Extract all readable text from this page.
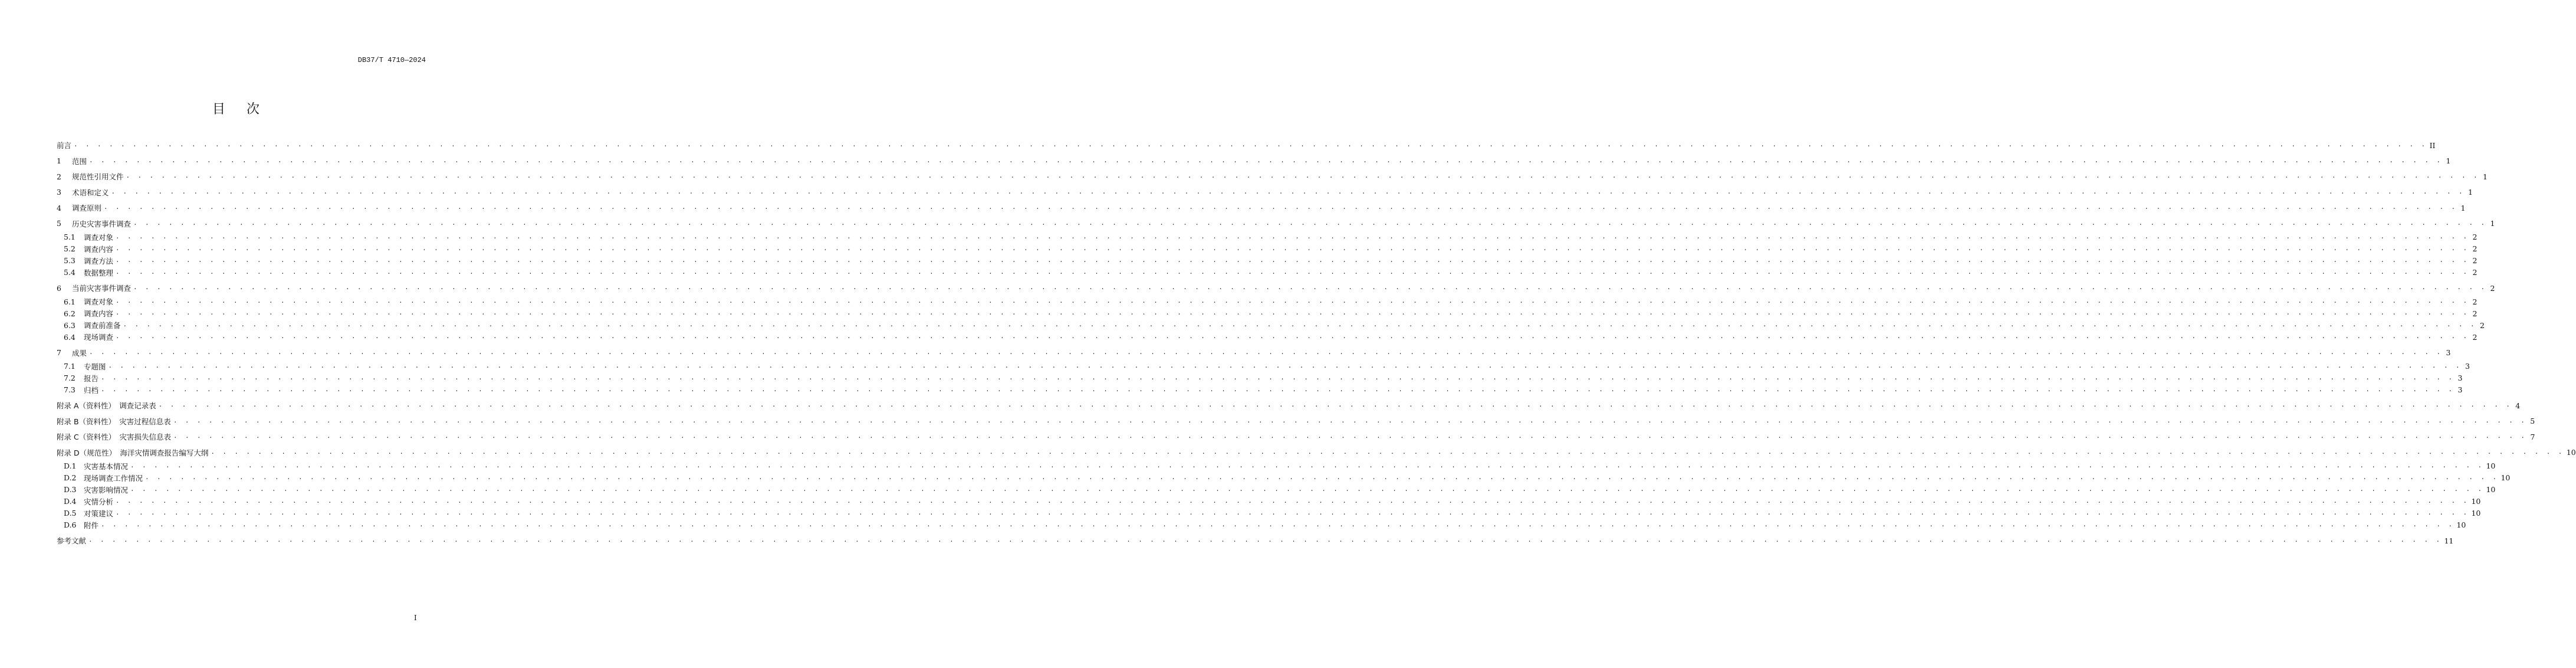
DB37/T 4710—2024
目次
前言 . . . . . . . . . . . . . . . . . . . . . . . . . . . . . . . . . . . . . . . . . . . . . . . . . . . . . . . . . . . . . . . . . . . . . . . . . . . . . . . . . . . . . . . . . . . . . . . . . . . . . . . . . . . . . . . . . . . . . . . . . . . . . . . . . . . . . . . . . . . . . . . . . . . . . . . . . . . . . . . . . . . . . . . . . . . . . . . . . . . . . . . . . . . . . . . . . . . . . . . . II
1	范围 . . . . . . . . . . . . . . . . . . . . . . . . . . . . . . . . . . . . . . . . . . . . . . . . . . . . . . . . . . . . . . . . . . . . . . . . . . . . . . . . . . . . . . . . . . . . . . . . . . . . . . . . . . . . . . . . . . . . . . . . . . . . . . . . . . . . . . . . . . . . . . . . . . . . . . . . . . . . . . . . . . . . . . . . . . . . . . . . . . . . . . . . . . . . . . . . . . . . . . . . 1
2	规范性引用文件 . . . . . . . . . . . . . . . . . . . . . . . . . . . . . . . . . . . . . . . . . . . . . . . . . . . . . . . . . . . . . . . . . . . . . . . . . . . . . . . . . . . . . . . . . . . . . . . . . . . . . . . . . . . . . . . . . . . . . . . . . . . . . . . . . . . . . . . . . . . . . . . . . . . . . . . . . . . . . . . . . . . . . . . . . . . . . . . . . . . . . . . . . . . . . . . . . . . . . . . . 1
3	术语和定义 . . . . . . . . . . . . . . . . . . . . . . . . . . . . . . . . . . . . . . . . . . . . . . . . . . . . . . . . . . . . . . . . . . . . . . . . . . . . . . . . . . . . . . . . . . . . . . . . . . . . . . . . . . . . . . . . . . . . . . . . . . . . . . . . . . . . . . . . . . . . . . . . . . . . . . . . . . . . . . . . . . . . . . . . . . . . . . . . . . . . . . . . . . . . . . . . . . . . . . . . 1
4	调查原则 . . . . . . . . . . . . . . . . . . . . . . . . . . . . . . . . . . . . . . . . . . . . . . . . . . . . . . . . . . . . . . . . . . . . . . . . . . . . . . . . . . . . . . . . . . . . . . . . . . . . . . . . . . . . . . . . . . . . . . . . . . . . . . . . . . . . . . . . . . . . . . . . . . . . . . . . . . . . . . . . . . . . . . . . . . . . . . . . . . . . . . . . . . . . . . . . . . . . . . . . 1
5	历史灾害事件调查 . . . . . . . . . . . . . . . . . . . . . . . . . . . . . . . . . . . . . . . . . . . . . . . . . . . . . . . . . . . . . . . . . . . . . . . . . . . . . . . . . . . . . . . . . . . . . . . . . . . . . . . . . . . . . . . . . . . . . . . . . . . . . . . . . . . . . . . . . . . . . . . . . . . . . . . . . . . . . . . . . . . . . . . . . . . . . . . . . . . . . . . . . . . . . . . . . . . . . . . . 1
5.1	调查对象 . . . . . . . . . . . . . . . . . . . . . . . . . . . . . . . . . . . . . . . . . . . . . . . . . . . . . . . . . . . . . . . . . . . . . . . . . . . . . . . . . . . . . . . . . . . . . . . . . . . . . . . . . . . . . . . . . . . . . . . . . . . . . . . . . . . . . . . . . . . . . . . . . . . . . . . . . . . . . . . . . . . . . . . . . . . . . . . . . . . . . . . . . . . . . . . . . . . . . . . . 2
5.2	调查内容 . . . . . . . . . . . . . . . . . . . . . . . . . . . . . . . . . . . . . . . . . . . . . . . . . . . . . . . . . . . . . . . . . . . . . . . . . . . . . . . . . . . . . . . . . . . . . . . . . . . . . . . . . . . . . . . . . . . . . . . . . . . . . . . . . . . . . . . . . . . . . . . . . . . . . . . . . . . . . . . . . . . . . . . . . . . . . . . . . . . . . . . . . . . . . . . . . . . . . . . . 2
5.3	调查方法 . . . . . . . . . . . . . . . . . . . . . . . . . . . . . . . . . . . . . . . . . . . . . . . . . . . . . . . . . . . . . . . . . . . . . . . . . . . . . . . . . . . . . . . . . . . . . . . . . . . . . . . . . . . . . . . . . . . . . . . . . . . . . . . . . . . . . . . . . . . . . . . . . . . . . . . . . . . . . . . . . . . . . . . . . . . . . . . . . . . . . . . . . . . . . . . . . . . . . . . . 2
5.4	数据整理 . . . . . . . . . . . . . . . . . . . . . . . . . . . . . . . . . . . . . . . . . . . . . . . . . . . . . . . . . . . . . . . . . . . . . . . . . . . . . . . . . . . . . . . . . . . . . . . . . . . . . . . . . . . . . . . . . . . . . . . . . . . . . . . . . . . . . . . . . . . . . . . . . . . . . . . . . . . . . . . . . . . . . . . . . . . . . . . . . . . . . . . . . . . . . . . . . . . . . . . . 2
6	当前灾害事件调查 . . . . . . . . . . . . . . . . . . . . . . . . . . . . . . . . . . . . . . . . . . . . . . . . . . . . . . . . . . . . . . . . . . . . . . . . . . . . . . . . . . . . . . . . . . . . . . . . . . . . . . . . . . . . . . . . . . . . . . . . . . . . . . . . . . . . . . . . . . . . . . . . . . . . . . . . . . . . . . . . . . . . . . . . . . . . . . . . . . . . . . . . . . . . . . . . . . . . . . . . 2
6.1	调查对象 . . . . . . . . . . . . . . . . . . . . . . . . . . . . . . . . . . . . . . . . . . . . . . . . . . . . . . . . . . . . . . . . . . . . . . . . . . . . . . . . . . . . . . . . . . . . . . . . . . . . . . . . . . . . . . . . . . . . . . . . . . . . . . . . . . . . . . . . . . . . . . . . . . . . . . . . . . . . . . . . . . . . . . . . . . . . . . . . . . . . . . . . . . . . . . . . . . . . . . . . 2
6.2	调查内容 . . . . . . . . . . . . . . . . . . . . . . . . . . . . . . . . . . . . . . . . . . . . . . . . . . . . . . . . . . . . . . . . . . . . . . . . . . . . . . . . . . . . . . . . . . . . . . . . . . . . . . . . . . . . . . . . . . . . . . . . . . . . . . . . . . . . . . . . . . . . . . . . . . . . . . . . . . . . . . . . . . . . . . . . . . . . . . . . . . . . . . . . . . . . . . . . . . . . . . . . 2
6.3	调查前准备 . . . . . . . . . . . . . . . . . . . . . . . . . . . . . . . . . . . . . . . . . . . . . . . . . . . . . . . . . . . . . . . . . . . . . . . . . . . . . . . . . . . . . . . . . . . . . . . . . . . . . . . . . . . . . . . . . . . . . . . . . . . . . . . . . . . . . . . . . . . . . . . . . . . . . . . . . . . . . . . . . . . . . . . . . . . . . . . . . . . . . . . . . . . . . . . . . . . . . . . . 2
6.4	现场调查 . . . . . . . . . . . . . . . . . . . . . . . . . . . . . . . . . . . . . . . . . . . . . . . . . . . . . . . . . . . . . . . . . . . . . . . . . . . . . . . . . . . . . . . . . . . . . . . . . . . . . . . . . . . . . . . . . . . . . . . . . . . . . . . . . . . . . . . . . . . . . . . . . . . . . . . . . . . . . . . . . . . . . . . . . . . . . . . . . . . . . . . . . . . . . . . . . . . . . . . . 2
7	成果 . . . . . . . . . . . . . . . . . . . . . . . . . . . . . . . . . . . . . . . . . . . . . . . . . . . . . . . . . . . . . . . . . . . . . . . . . . . . . . . . . . . . . . . . . . . . . . . . . . . . . . . . . . . . . . . . . . . . . . . . . . . . . . . . . . . . . . . . . . . . . . . . . . . . . . . . . . . . . . . . . . . . . . . . . . . . . . . . . . . . . . . . . . . . . . . . . . . . . . . . 3
7.1	专题图 . . . . . . . . . . . . . . . . . . . . . . . . . . . . . . . . . . . . . . . . . . . . . . . . . . . . . . . . . . . . . . . . . . . . . . . . . . . . . . . . . . . . . . . . . . . . . . . . . . . . . . . . . . . . . . . . . . . . . . . . . . . . . . . . . . . . . . . . . . . . . . . . . . . . . . . . . . . . . . . . . . . . . . . . . . . . . . . . . . . . . . . . . . . . . . . . . . . . . . . . 3
7.2	报告 . . . . . . . . . . . . . . . . . . . . . . . . . . . . . . . . . . . . . . . . . . . . . . . . . . . . . . . . . . . . . . . . . . . . . . . . . . . . . . . . . . . . . . . . . . . . . . . . . . . . . . . . . . . . . . . . . . . . . . . . . . . . . . . . . . . . . . . . . . . . . . . . . . . . . . . . . . . . . . . . . . . . . . . . . . . . . . . . . . . . . . . . . . . . . . . . . . . . . . . . 3
7.3	归档 . . . . . . . . . . . . . . . . . . . . . . . . . . . . . . . . . . . . . . . . . . . . . . . . . . . . . . . . . . . . . . . . . . . . . . . . . . . . . . . . . . . . . . . . . . . . . . . . . . . . . . . . . . . . . . . . . . . . . . . . . . . . . . . . . . . . . . . . . . . . . . . . . . . . . . . . . . . . . . . . . . . . . . . . . . . . . . . . . . . . . . . . . . . . . . . . . . . . . . . . 3
附录 A（资料性）　调查记录表 . . . . . . . . . . . . . . . . . . . . . . . . . . . . . . . . . . . . . . . . . . . . . . . . . . . . . . . . . . . . . . . . . . . . . . . . . . . . . . . . . . . . . . . . . . . . . . . . . . . . . . . . . . . . . . . . . . . . . . . . . . . . . . . . . . . . . . . . . . . . . . . . . . . . . . . . . . . . . . . . . . . . . . . . . . . . . . . . . . . . . . . . . . . . . . . . . . . . . . . . 4
附录 B（资料性）　灾害过程信息表 . . . . . . . . . . . . . . . . . . . . . . . . . . . . . . . . . . . . . . . . . . . . . . . . . . . . . . . . . . . . . . . . . . . . . . . . . . . . . . . . . . . . . . . . . . . . . . . . . . . . . . . . . . . . . . . . . . . . . . . . . . . . . . . . . . . . . . . . . . . . . . . . . . . . . . . . . . . . . . . . . . . . . . . . . . . . . . . . . . . . . . . . . . . . . . . . . . . . . . . . 5
附录 C（资料性）　灾害损失信息表 . . . . . . . . . . . . . . . . . . . . . . . . . . . . . . . . . . . . . . . . . . . . . . . . . . . . . . . . . . . . . . . . . . . . . . . . . . . . . . . . . . . . . . . . . . . . . . . . . . . . . . . . . . . . . . . . . . . . . . . . . . . . . . . . . . . . . . . . . . . . . . . . . . . . . . . . . . . . . . . . . . . . . . . . . . . . . . . . . . . . . . . . . . . . . . . . . . . . . . . . 7
附录 D（规范性）　海洋灾情调查报告编写大纲 . . . . . . . . . . . . . . . . . . . . . . . . . . . . . . . . . . . . . . . . . . . . . . . . . . . . . . . . . . . . . . . . . . . . . . . . . . . . . . . . . . . . . . . . . . . . . . . . . . . . . . . . . . . . . . . . . . . . . . . . . . . . . . . . . . . . . . . . . . . . . . . . . . . . . . . . . . . . . . . . . . . . . . . . . . . . . . . . . . . . . . . . . . . . . . . . . . . . . . . . 10
D.1 灾害基本情况 . . . . . . . . . . . . . . . . . . . . . . . . . . . . . . . . . . . . . . . . . . . . . . . . . . . . . . . . . . . . . . . . . . . . . . . . . . . . . . . . . . . . . . . . . . . . . . . . . . . . . . . . . . . . . . . . . . . . . . . . . . . . . . . . . . . . . . . . . . . . . . . . . . . . . . . . . . . . . . . . . . . . . . . . . . . . . . . . . . . . . . . . . . . . . . . . . . . . . . . . 10
D.2 现场调查工作情况 . . . . . . . . . . . . . . . . . . . . . . . . . . . . . . . . . . . . . . . . . . . . . . . . . . . . . . . . . . . . . . . . . . . . . . . . . . . . . . . . . . . . . . . . . . . . . . . . . . . . . . . . . . . . . . . . . . . . . . . . . . . . . . . . . . . . . . . . . . . . . . . . . . . . . . . . . . . . . . . . . . . . . . . . . . . . . . . . . . . . . . . . . . . . . . . . . . . . . . . . 10
D.3 灾害影响情况 . . . . . . . . . . . . . . . . . . . . . . . . . . . . . . . . . . . . . . . . . . . . . . . . . . . . . . . . . . . . . . . . . . . . . . . . . . . . . . . . . . . . . . . . . . . . . . . . . . . . . . . . . . . . . . . . . . . . . . . . . . . . . . . . . . . . . . . . . . . . . . . . . . . . . . . . . . . . . . . . . . . . . . . . . . . . . . . . . . . . . . . . . . . . . . . . . . . . . . . . 10
D.4 灾情分析 . . . . . . . . . . . . . . . . . . . . . . . . . . . . . . . . . . . . . . . . . . . . . . . . . . . . . . . . . . . . . . . . . . . . . . . . . . . . . . . . . . . . . . . . . . . . . . . . . . . . . . . . . . . . . . . . . . . . . . . . . . . . . . . . . . . . . . . . . . . . . . . . . . . . . . . . . . . . . . . . . . . . . . . . . . . . . . . . . . . . . . . . . . . . . . . . . . . . . . . . 10
D.5 对策建议 . . . . . . . . . . . . . . . . . . . . . . . . . . . . . . . . . . . . . . . . . . . . . . . . . . . . . . . . . . . . . . . . . . . . . . . . . . . . . . . . . . . . . . . . . . . . . . . . . . . . . . . . . . . . . . . . . . . . . . . . . . . . . . . . . . . . . . . . . . . . . . . . . . . . . . . . . . . . . . . . . . . . . . . . . . . . . . . . . . . . . . . . . . . . . . . . . . . . . . . . 10
D.6 附件 . . . . . . . . . . . . . . . . . . . . . . . . . . . . . . . . . . . . . . . . . . . . . . . . . . . . . . . . . . . . . . . . . . . . . . . . . . . . . . . . . . . . . . . . . . . . . . . . . . . . . . . . . . . . . . . . . . . . . . . . . . . . . . . . . . . . . . . . . . . . . . . . . . . . . . . . . . . . . . . . . . . . . . . . . . . . . . . . . . . . . . . . . . . . . . . . . . . . . . . . 10
参考文献 . . . . . . . . . . . . . . . . . . . . . . . . . . . . . . . . . . . . . . . . . . . . . . . . . . . . . . . . . . . . . . . . . . . . . . . . . . . . . . . . . . . . . . . . . . . . . . . . . . . . . . . . . . . . . . . . . . . . . . . . . . . . . . . . . . . . . . . . . . . . . . . . . . . . . . . . . . . . . . . . . . . . . . . . . . . . . . . . . . . . . . . . . . . . . . . . . . . . . . . . 11
I
